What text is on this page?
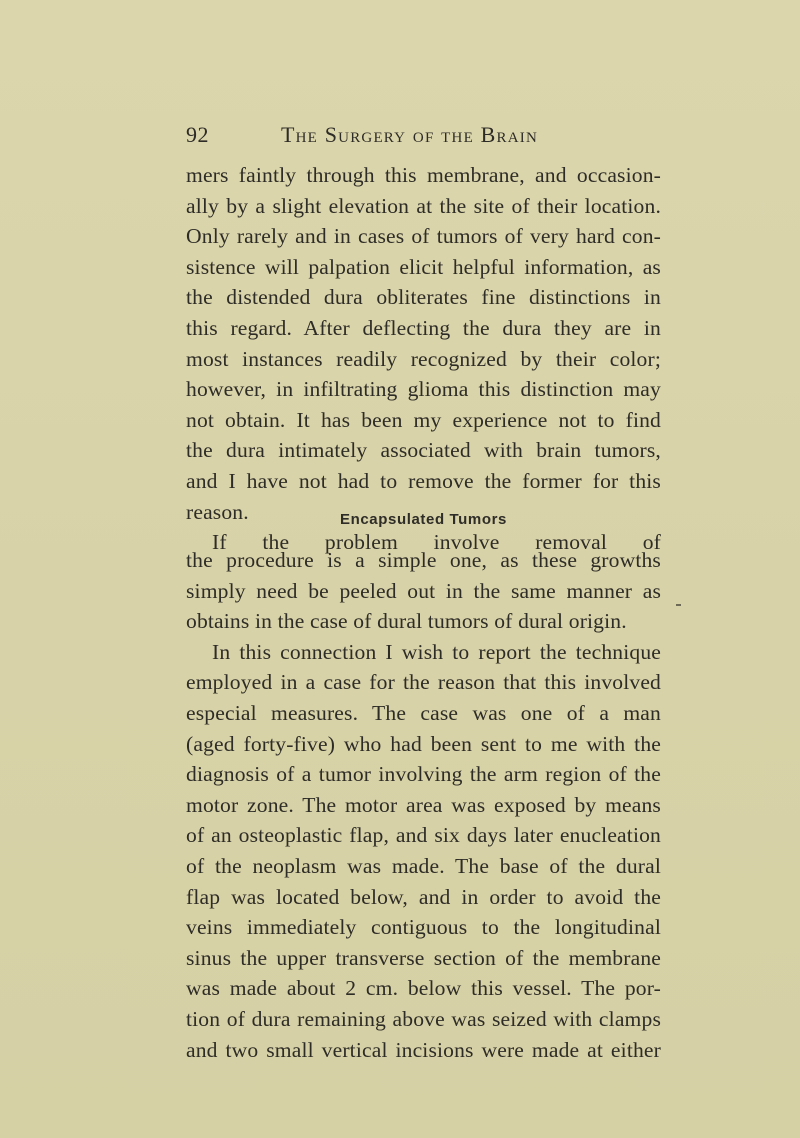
92	The Surgery of the Brain
mers faintly through this membrane, and occasion-
ally by a slight elevation at the site of their location.
Only rarely and in cases of tumors of very hard con-
sistence will palpation elicit helpful information, as
the distended dura obliterates fine distinctions in
this regard. After deflecting the dura they are in
most instances readily recognized by their color;
however, in infiltrating glioma this distinction may
not obtain. It has been my experience not to find
the dura intimately associated with brain tumors,
and I have not had to remove the former for this
reason.
If the problem involve removal of
Encapsulated Tumors
the procedure is a simple one, as these growths
simply need be peeled out in the same manner as
obtains in the case of dural tumors of dural origin.
In this connection I wish to report the technique
employed in a case for the reason that this involved
especial measures. The case was one of a man
(aged forty-five) who had been sent to me with the
diagnosis of a tumor involving the arm region of the
motor zone. The motor area was exposed by means
of an osteoplastic flap, and six days later enucleation
of the neoplasm was made. The base of the dural
flap was located below, and in order to avoid the
veins immediately contiguous to the longitudinal
sinus the upper transverse section of the membrane
was made about 2 cm. below this vessel. The por-
tion of dura remaining above was seized with clamps
and two small vertical incisions were made at either
